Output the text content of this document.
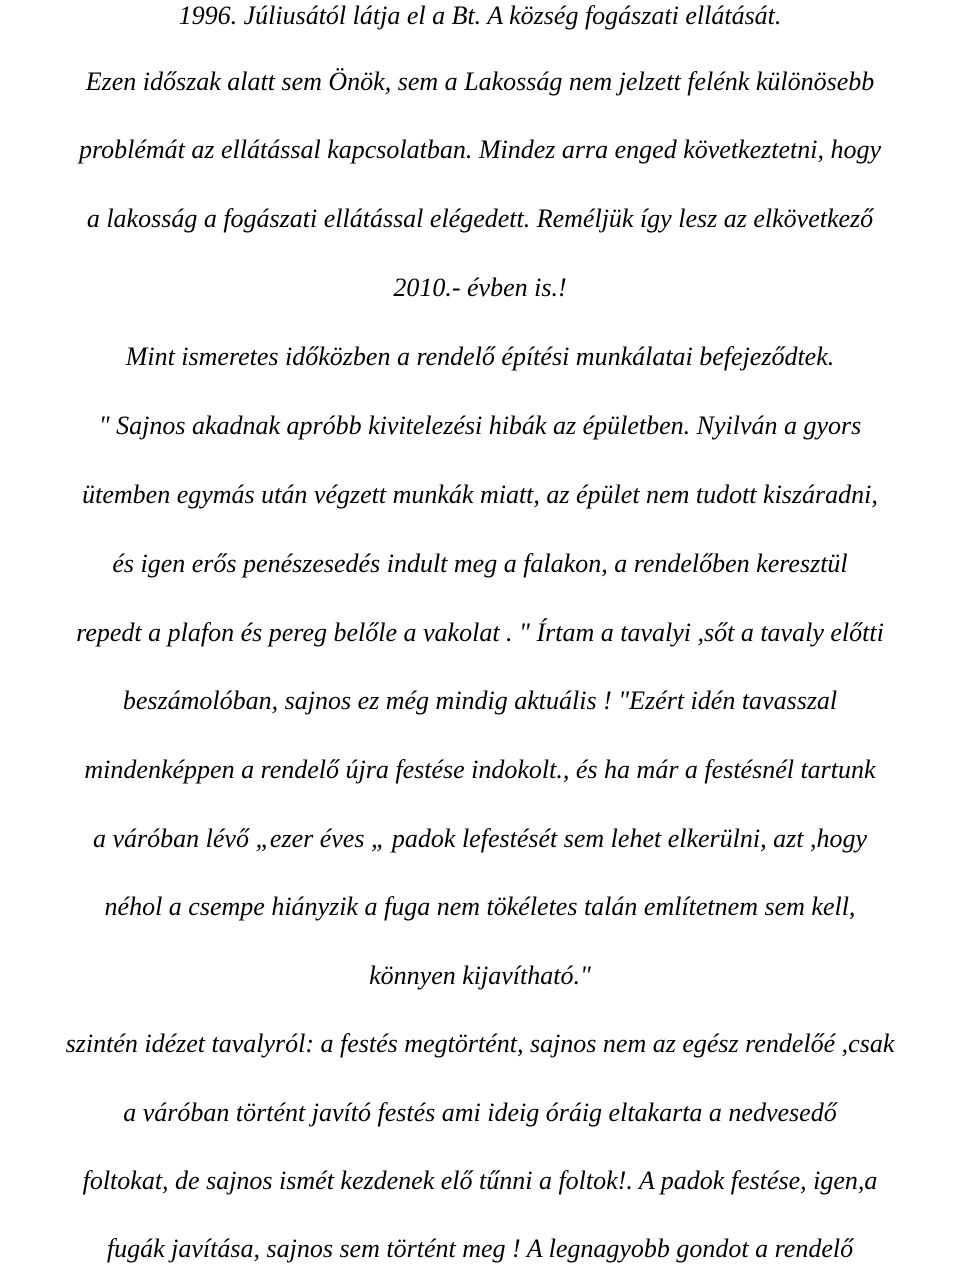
1996. Júliusától látja el a Bt. A község fogászati ellátását.
Ezen időszak alatt sem Önök, sem a Lakosság nem jelzett felénk különösebb
problémát az ellátással kapcsolatban. Mindez arra enged következtetni, hogy
a lakosság a fogászati ellátással elégedett. Reméljük így lesz az elkövetkező
2010.- évben is.!
Mint ismeretes időközben a rendelő építési munkálatai befejeződtek.
" Sajnos akadnak apróbb kivitelezési hibák az épületben. Nyilván a gyors
ütemben egymás után végzett munkák miatt, az épület nem tudott kiszáradni,
és igen erős penészesedés indult meg a falakon, a rendelőben keresztül
repedt a plafon és pereg belőle a vakolat . " Írtam a tavalyi ,sőt a tavaly előtti
beszámolóban, sajnos ez még mindig aktuális ! "Ezért idén tavasszal
mindenképpen a rendelő újra festése indokolt., és ha már a festésnél tartunk
a váróban lévő „ezer éves „ padok lefestését sem lehet elkerülni, azt ,hogy
néhol a csempe hiányzik a fuga nem tökéletes talán említetnem sem kell,
könnyen kijavítható."
szintén idézet tavalyról: a festés megtörtént, sajnos nem az egész rendelőé ,csak
a váróban történt javító festés ami ideig óráig eltakarta a nedvesedő
foltokat, de sajnos ismét kezdenek elő tűnni a foltok!. A padok festése, igen,a
fugák javítása, sajnos sem történt meg ! A legnagyobb gondot a rendelő
